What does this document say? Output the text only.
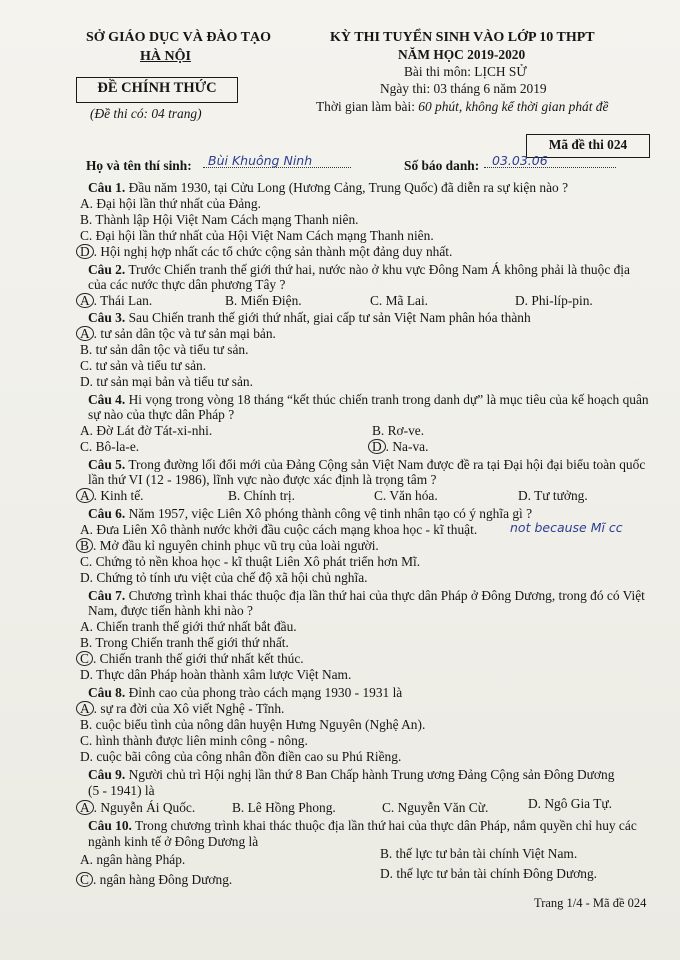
SỞ GIÁO DỤC VÀ ĐÀO TẠO
HÀ NỘI
ĐỀ CHÍNH THỨC
(Đề thi có: 04 trang)
KỲ THI TUYỂN SINH VÀO LỚP 10 THPT
NĂM HỌC 2019-2020
Bài thi môn: LỊCH SỬ
Ngày thi: 03 tháng 6 năm 2019
Thời gian làm bài: 60 phút, không kể thời gian phát đề
Mã đề thi 024
Họ và tên thí sinh: Bùi Khuông Ninh	Số báo danh: 03.03.06
Câu 1. Đầu năm 1930, tại Cửu Long (Hương Cảng, Trung Quốc) đã diễn ra sự kiện nào ?
A. Đại hội lần thứ nhất của Đảng.
B. Thành lập Hội Việt Nam Cách mạng Thanh niên.
C. Đại hội lần thứ nhất của Hội Việt Nam Cách mạng Thanh niên.
D . Hội nghị hợp nhất các tổ chức cộng sản thành một đảng duy nhất.
Câu 2. Trước Chiến tranh thế giới thứ hai, nước nào ở khu vực Đông Nam Á không phải là thuộc địa
của các nước thực dân phương Tây ?
A . Thái Lan.	B. Miến Điện.	C. Mã Lai.	D. Phi-líp-pin.
Câu 3. Sau Chiến tranh thế giới thứ nhất, giai cấp tư sản Việt Nam phân hóa thành
A . tư sản dân tộc và tư sản mại bản.
B. tư sản dân tộc và tiểu tư sản.
C. tư sản và tiểu tư sản.
D. tư sản mại bản và tiểu tư sản.
Câu 4. Hi vọng trong vòng 18 tháng “kết thúc chiến tranh trong danh dự” là mục tiêu của kế hoạch quân
sự nào của thực dân Pháp ?
A. Đờ Lát đờ Tát-xi-nhi.	B. Rơ-ve.
C. Bô-la-e.	D . Na-va.
Câu 5. Trong đường lối đổi mới của Đảng Cộng sản Việt Nam được đề ra tại Đại hội đại biểu toàn quốc
lần thứ VI (12 - 1986), lĩnh vực nào được xác định là trọng tâm ?
A . Kinh tế.	B. Chính trị.	C. Văn hóa.	D. Tư tưởng.
Câu 6. Năm 1957, việc Liên Xô phóng thành công vệ tinh nhân tạo có ý nghĩa gì ?
A. Đưa Liên Xô thành nước khởi đầu cuộc cách mạng khoa học - kĩ thuật.	not because Mĩ cc
B . Mở đầu kỉ nguyên chinh phục vũ trụ của loài người.
C. Chứng tỏ nền khoa học - kĩ thuật Liên Xô phát triển hơn Mĩ.
D. Chứng tỏ tính ưu việt của chế độ xã hội chủ nghĩa.
Câu 7. Chương trình khai thác thuộc địa lần thứ hai của thực dân Pháp ở Đông Dương, trong đó có Việt
Nam, được tiến hành khi nào ?
A. Chiến tranh thế giới thứ nhất bắt đầu.
B. Trong Chiến tranh thế giới thứ nhất.
C . Chiến tranh thế giới thứ nhất kết thúc.
D. Thực dân Pháp hoàn thành xâm lược Việt Nam.
Câu 8. Đỉnh cao của phong trào cách mạng 1930 - 1931 là
A . sự ra đời của Xô viết Nghệ - Tĩnh.
B. cuộc biểu tình của nông dân huyện Hưng Nguyên (Nghệ An).
C. hình thành được liên minh công - nông.
D. cuộc bãi công của công nhân đồn điền cao su Phú Riềng.
Câu 9. Người chủ trì Hội nghị lần thứ 8 Ban Chấp hành Trung ương Đảng Cộng sản Đông Dương
(5 - 1941) là
A . Nguyễn Ái Quốc.	B. Lê Hồng Phong.	C. Nguyễn Văn Cừ.	D. Ngô Gia Tự.
Câu 10. Trong chương trình khai thác thuộc địa lần thứ hai của thực dân Pháp, nắm quyền chỉ huy các
ngành kinh tế ở Đông Dương là
A. ngân hàng Pháp.	B. thế lực tư bản tài chính Việt Nam.
C . ngân hàng Đông Dương.	D. thế lực tư bản tài chính Đông Dương.
Trang 1/4 - Mã đề 024
